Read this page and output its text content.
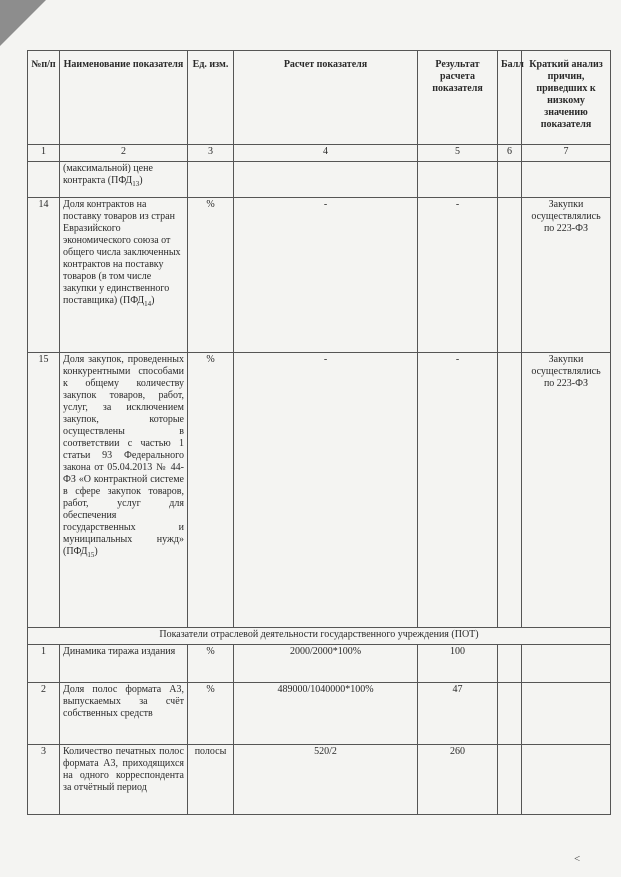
№п/п	Наименование показателя	Ед. изм.	Расчет показателя	Результат расчета показателя	Балл	Краткий анализ причин, приведших к низкому значению показателя
1	2	3	4	5	6	7
	(максимальной) цене контракта $(ПФД_{13})$					
14	Доля контрактов на поставку товаров из стран Евразийского экономического союза от общего числа заключенных контрактов на поставку товаров (в том числе закупки у единственного поставщика) $(ПФД_{14})$	%	-	-		Закупки осуществлялись по 223-ФЗ
15	Доля закупок, проведенных конкурентными способами к общему количеству закупок товаров, работ, услуг, за исключением закупок, которые осуществлены в соответствии с частью 1 статьи 93 Федерального закона от 05.04.2013 № 44-ФЗ «О контрактной системе в сфере закупок товаров, работ, услуг для обеспечения государственных и муниципальных нужд» $(ПФД_{15})$	%	-	-		Закупки осуществлялись по 223-ФЗ
Показатели отраслевой деятельности государственного учреждения (ПОТ)						
1	Динамика тиража издания	%	2000/2000*100%	100		
2	Доля полос формата А3, выпускаемых за счёт собственных средств	%	489000/1040000*100%	47		
3	Количество печатных полос формата А3, приходящихся на одного корреспондента за отчётный период	полосы	520/2	260		
<
